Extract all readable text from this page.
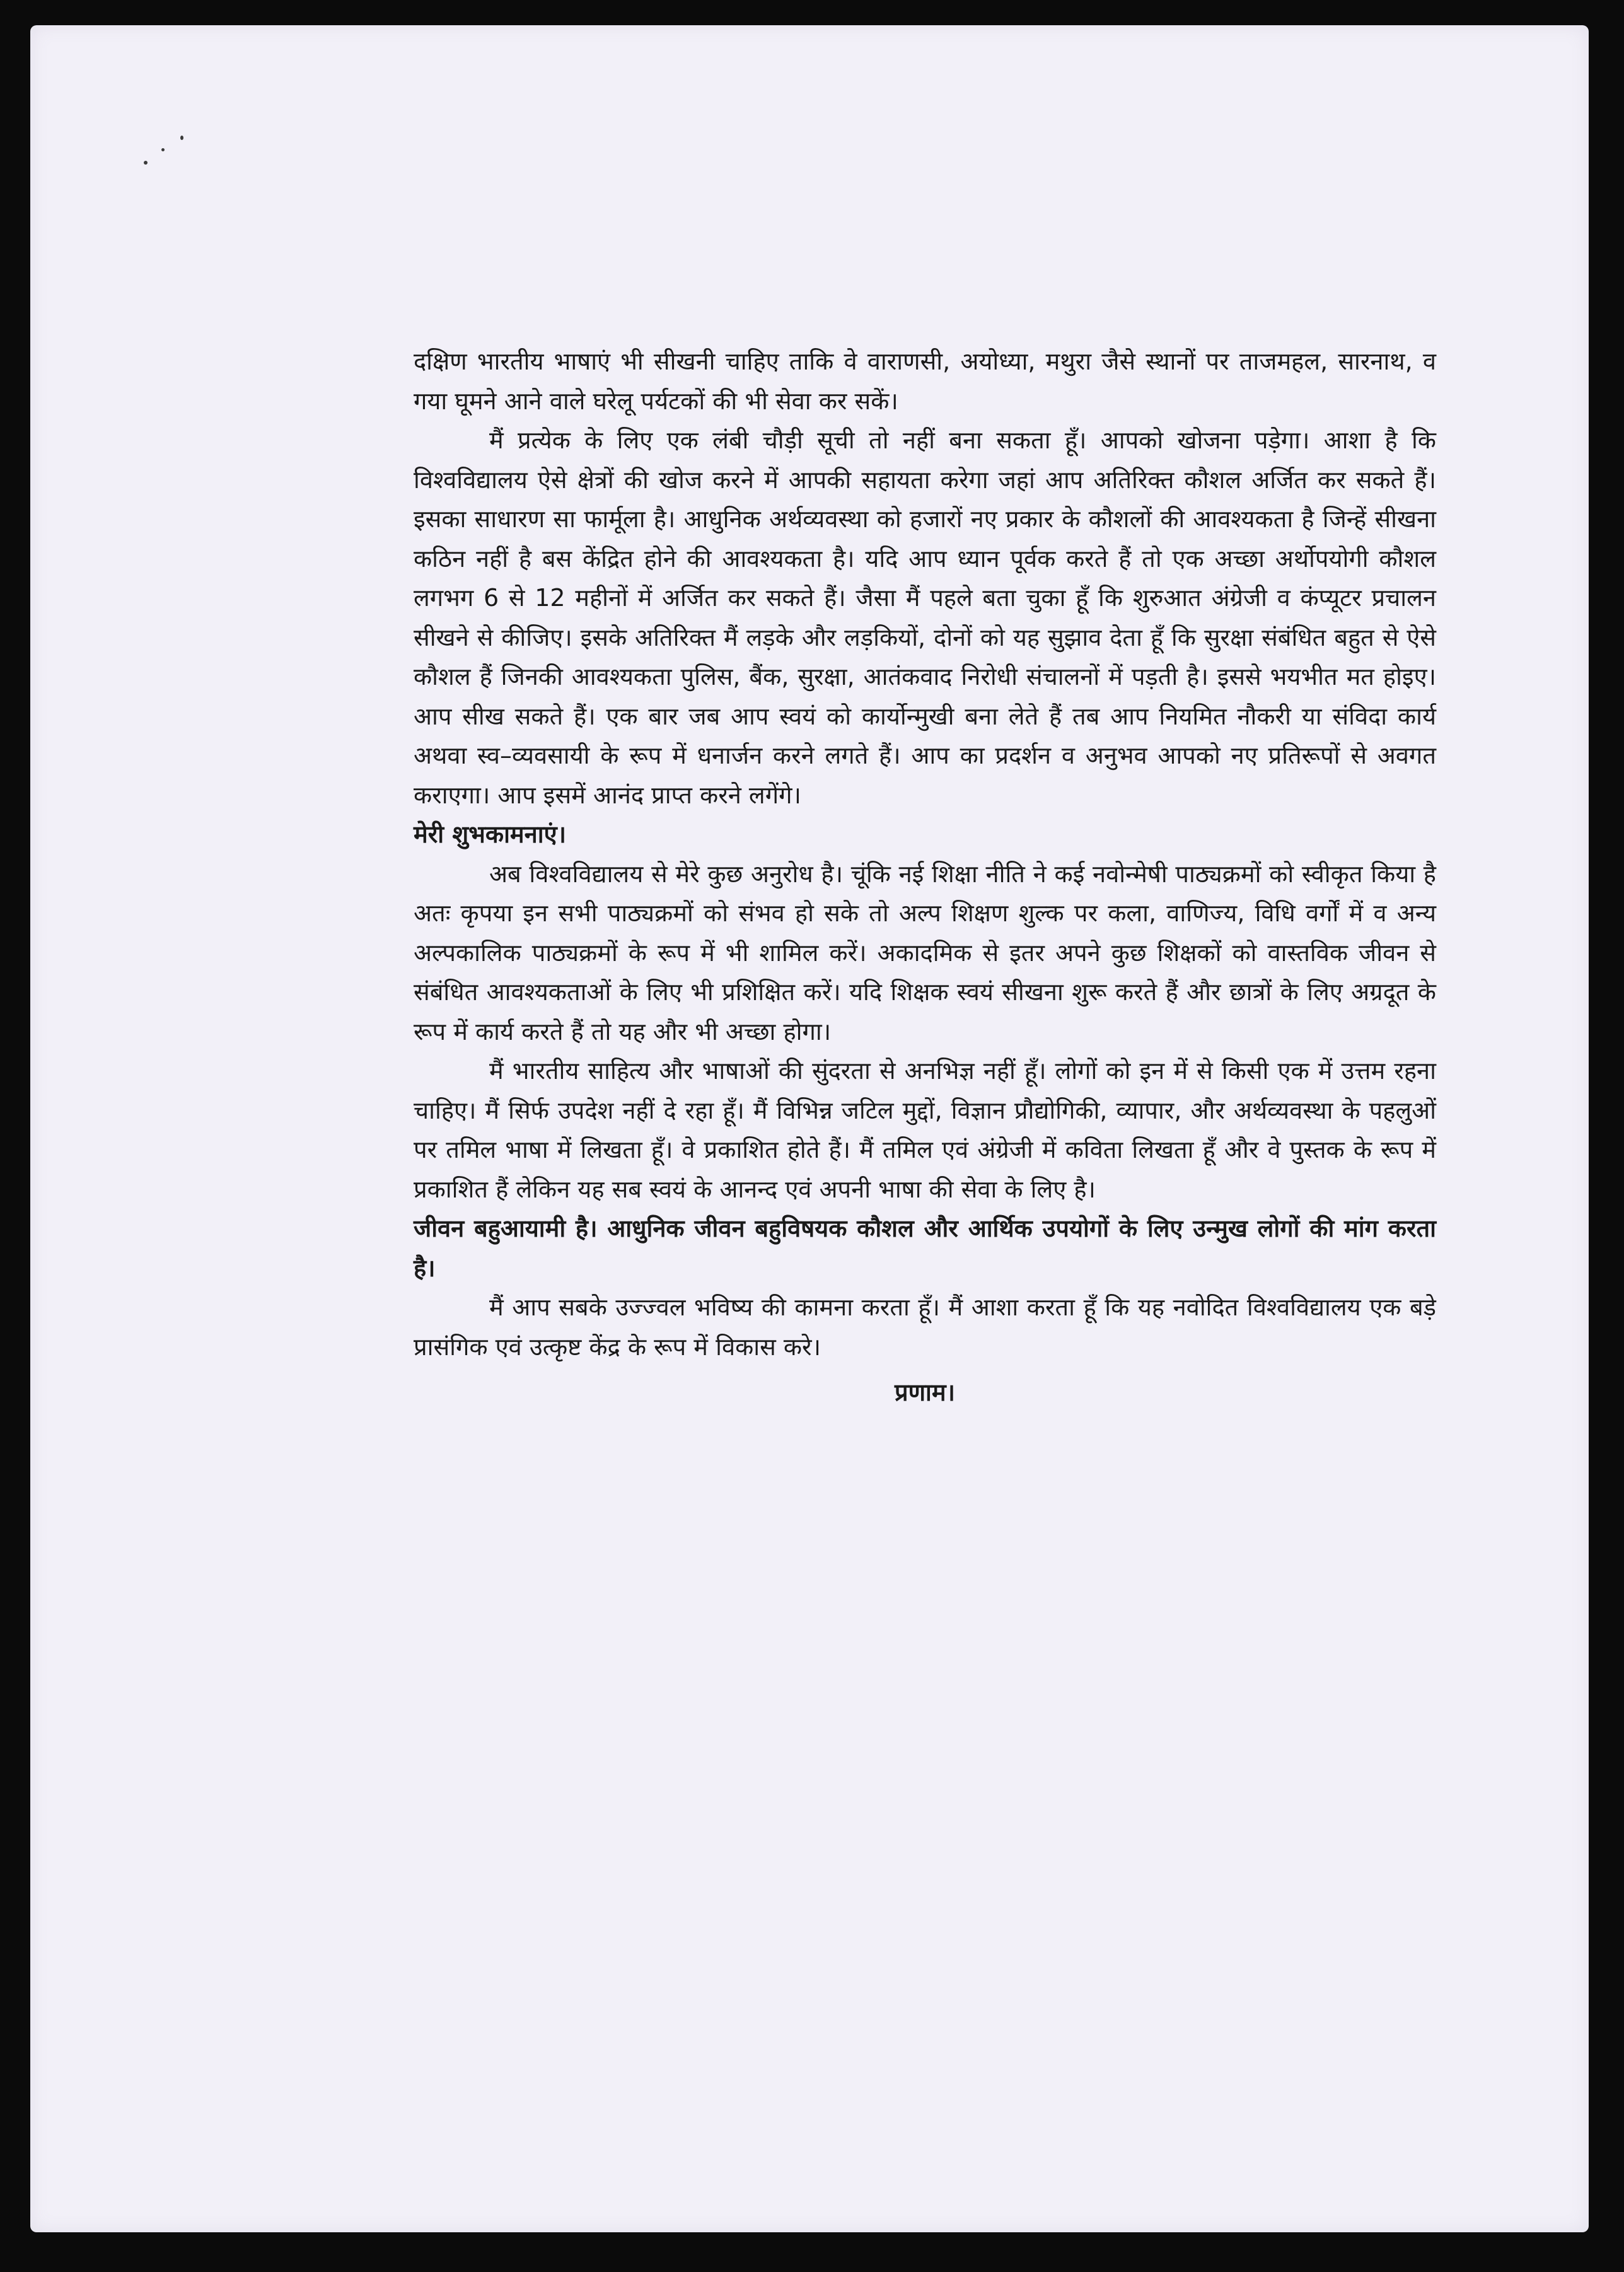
दक्षिण भारतीय भाषाएं भी सीखनी चाहिए ताकि वे वाराणसी, अयोध्या, मथुरा जैसे स्थानों पर ताजमहल, सारनाथ, व गया घूमने आने वाले घरेलू पर्यटकों की भी सेवा कर सकें।

मैं प्रत्येक के लिए एक लंबी चौड़ी सूची तो नहीं बना सकता हूँ। आपको खोजना पड़ेगा। आशा है कि विश्वविद्यालय ऐसे क्षेत्रों की खोज करने में आपकी सहायता करेगा जहां आप अतिरिक्त कौशल अर्जित कर सकते हैं। इसका साधारण सा फार्मूला है। आधुनिक अर्थव्यवस्था को हजारों नए प्रकार के कौशलों की आवश्यकता है जिन्हें सीखना कठिन नहीं है बस केंद्रित होने की आवश्यकता है। यदि आप ध्यान पूर्वक करते हैं तो एक अच्छा अर्थोपयोगी कौशल लगभग 6 से 12 महीनों में अर्जित कर सकते हैं। जैसा मैं पहले बता चुका हूँ कि शुरुआत अंग्रेजी व कंप्यूटर प्रचालन सीखने से कीजिए। इसके अतिरिक्त मैं लड़के और लड़कियों, दोनों को यह सुझाव देता हूँ कि सुरक्षा संबंधित बहुत से ऐसे कौशल हैं जिनकी आवश्यकता पुलिस, बैंक, सुरक्षा, आतंकवाद निरोधी संचालनों में पड़ती है। इससे भयभीत मत होइए। आप सीख सकते हैं। एक बार जब आप स्वयं को कार्योन्मुखी बना लेते हैं तब आप नियमित नौकरी या संविदा कार्य अथवा स्व–व्यवसायी के रूप में धनार्जन करने लगते हैं। आप का प्रदर्शन व अनुभव आपको नए प्रतिरूपों से अवगत कराएगा। आप इसमें आनंद प्राप्त करने लगेंगे।

मेरी शुभकामनाएं।

अब विश्वविद्यालय से मेरे कुछ अनुरोध है। चूंकि नई शिक्षा नीति ने कई नवोन्मेषी पाठ्यक्रमों को स्वीकृत किया है अतः कृपया इन सभी पाठ्यक्रमों को संभव हो सके तो अल्प शिक्षण शुल्क पर कला, वाणिज्य, विधि वर्गों में व अन्य अल्पकालिक पाठ्यक्रमों के रूप में भी शामिल करें। अकादमिक से इतर अपने कुछ शिक्षकों को वास्तविक जीवन से संबंधित आवश्यकताओं के लिए भी प्रशिक्षित करें। यदि शिक्षक स्वयं सीखना शुरू करते हैं और छात्रों के लिए अग्रदूत के रूप में कार्य करते हैं तो यह और भी अच्छा होगा।

मैं भारतीय साहित्य और भाषाओं की सुंदरता से अनभिज्ञ नहीं हूँ। लोगों को इन में से किसी एक में उत्तम रहना चाहिए। मैं सिर्फ उपदेश नहीं दे रहा हूँ। मैं विभिन्न जटिल मुद्दों, विज्ञान प्रौद्योगिकी, व्यापार, और अर्थव्यवस्था के पहलुओं पर तमिल भाषा में लिखता हूँ। वे प्रकाशित होते हैं। मैं तमिल एवं अंग्रेजी में कविता लिखता हूँ और वे पुस्तक के रूप में प्रकाशित हैं लेकिन यह सब स्वयं के आनन्द एवं अपनी भाषा की सेवा के लिए है।

जीवन बहुआयामी है। आधुनिक जीवन बहुविषयक कौशल और आर्थिक उपयोगों के लिए उन्मुख लोगों की मांग करता है।

मैं आप सबके उज्ज्वल भविष्य की कामना करता हूँ। मैं आशा करता हूँ कि यह नवोदित विश्वविद्यालय एक बड़े प्रासंगिक एवं उत्कृष्ट केंद्र के रूप में विकास करे।

प्रणाम।
